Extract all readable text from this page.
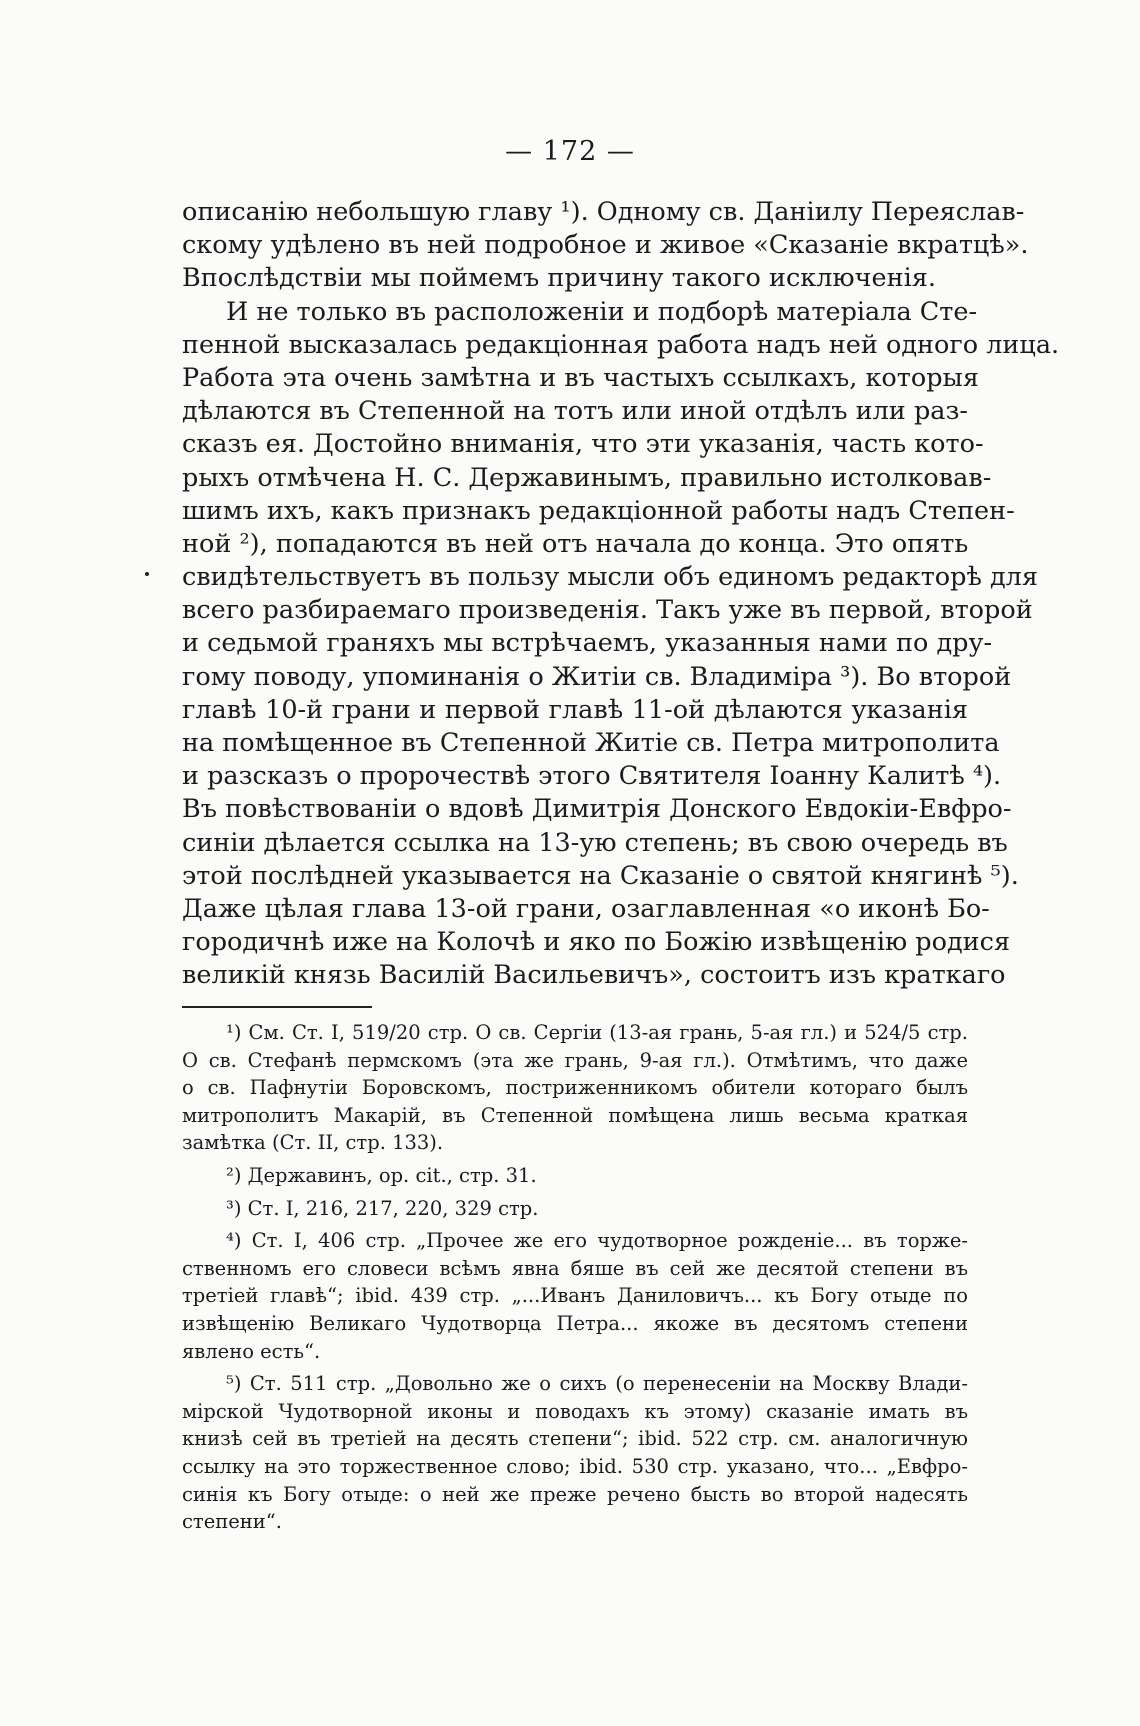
— 172 —
описанію небольшую главу ¹). Одному св. Даніилу Переяслав-
скому удѣлено въ ней подробное и живое «Сказаніе вкратцѣ».
Впослѣдствіи мы поймемъ причину такого исключенія.
И не только въ расположеніи и подборѣ матеріала Сте-
пенной высказалась редакціонная работа надъ ней одного лица.
Работа эта очень замѣтна и въ частыхъ ссылкахъ, которыя
дѣлаются въ Степенной на тотъ или иной отдѣлъ или раз-
сказъ ея. Достойно вниманія, что эти указанія, часть кото-
рыхъ отмѣчена Н. С. Державинымъ, правильно истолковав-
шимъ ихъ, какъ признакъ редакціонной работы надъ Степен-
ной ²), попадаются въ ней отъ начала до конца. Это опять
свидѣтельствуетъ въ пользу мысли объ единомъ редакторѣ для
всего разбираемаго произведенія. Такъ уже въ первой, второй
и седьмой граняхъ мы встрѣчаемъ, указанныя нами по дру-
гому поводу, упоминанія о Житіи св. Владиміра ³). Во второй
главѣ 10-й грани и первой главѣ 11-ой дѣлаются указанія
на помѣщенное въ Степенной Житіе св. Петра митрополита
и разсказъ о пророчествѣ этого Святителя Іоанну Калитѣ ⁴).
Въ повѣствованіи о вдовѣ Димитрія Донского Евдокіи-Евфро-
синіи дѣлается ссылка на 13-ую степень; въ свою очередь въ
этой послѣдней указывается на Сказаніе о святой княгинѣ ⁵).
Даже цѣлая глава 13-ой грани, озаглавленная «о иконѣ Бо-
городичнѣ иже на Колочѣ и яко по Божію извѣщенію родися
великій князь Василій Васильевичъ», состоитъ изъ краткаго
¹) См. Ст. I, 519/20 стр. О св. Сергіи (13-ая грань, 5-ая гл.) и 524/5 стр.
О св. Стефанѣ пермскомъ (эта же грань, 9-ая гл.). Отмѣтимъ, что даже
о св. Пафнутіи Боровскомъ, постриженникомъ обители котораго былъ
митрополитъ Макарій, въ Степенной помѣщена лишь весьма краткая
замѣтка (Ст. II, стр. 133).
²) Державинъ, op. cit., стр. 31.
³) Ст. I, 216, 217, 220, 329 стр.
⁴) Ст. I, 406 стр. „Прочее же его чудотворное рожденіе... въ торже-
ственномъ его словеси всѣмъ явна бяше въ сей же десятой степени въ
третіей главѣ“; ibid. 439 стр. „...Иванъ Даниловичъ... къ Богу отыде по
извѣщенію Великаго Чудотворца Петра... якоже въ десятомъ степени
явлено есть“.
⁵) Ст. 511 стр. „Довольно же о сихъ (о перенесеніи на Москву Влади-
мірской Чудотворной иконы и поводахъ къ этому) сказаніе имать въ
книзѣ сей въ третіей на десять степени“; ibid. 522 стр. см. аналогичную
ссылку на это торжественное слово; ibid. 530 стр. указано, что... „Евфро-
синія къ Богу отыде: о ней же преже речено бысть во второй надесять
степени“.
